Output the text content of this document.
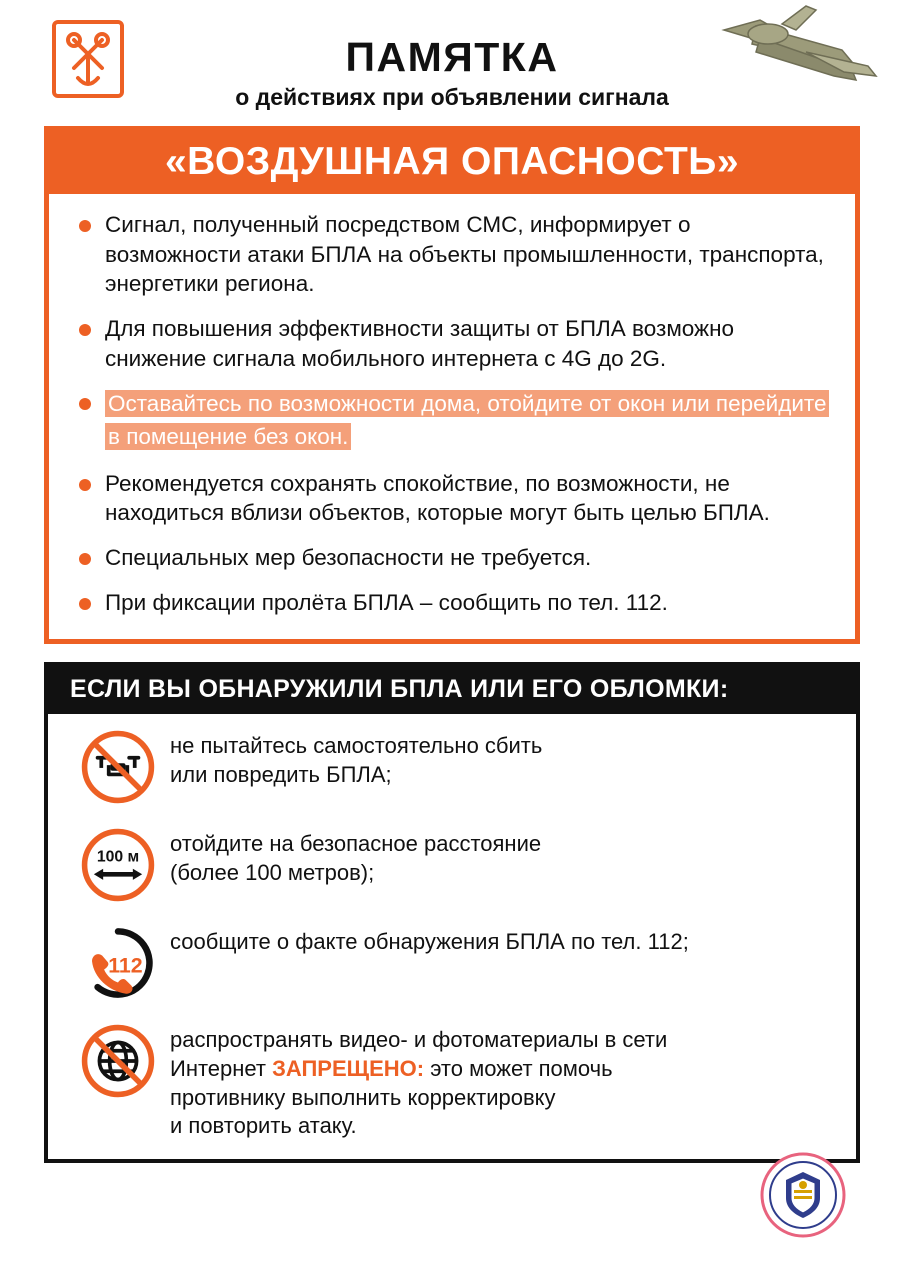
ПАМЯТКА
о действиях при объявлении сигнала
«ВОЗДУШНАЯ ОПАСНОСТЬ»
Сигнал, полученный посредством СМС, информирует о возможности атаки БПЛА на объекты промышленности, транспорта, энергетики региона.
Для повышения эффективности защиты от БПЛА возможно снижение сигнала мобильного интернета с 4G до 2G.
Оставайтесь по возможности дома, отойдите от окон или перейдите в помещение без окон.
Рекомендуется сохранять спокойствие, по возможности, не находиться вблизи объектов, которые могут быть целью БПЛА.
Специальных мер безопасности не требуется.
При фиксации пролёта БПЛА – сообщить по тел. 112.
ЕСЛИ ВЫ ОБНАРУЖИЛИ БПЛА ИЛИ ЕГО ОБЛОМКИ:
не пытайтесь самостоятельно сбить
или повредить БПЛА;
100 м
отойдите на безопасное расстояние
(более 100 метров);
112
сообщите о факте обнаружения БПЛА по тел. 112;
распространять видео- и фотоматериалы в сети
Интернет ЗАПРЕЩЕНО: это может помочь
противнику выполнить корректировку
и повторить атаку.
